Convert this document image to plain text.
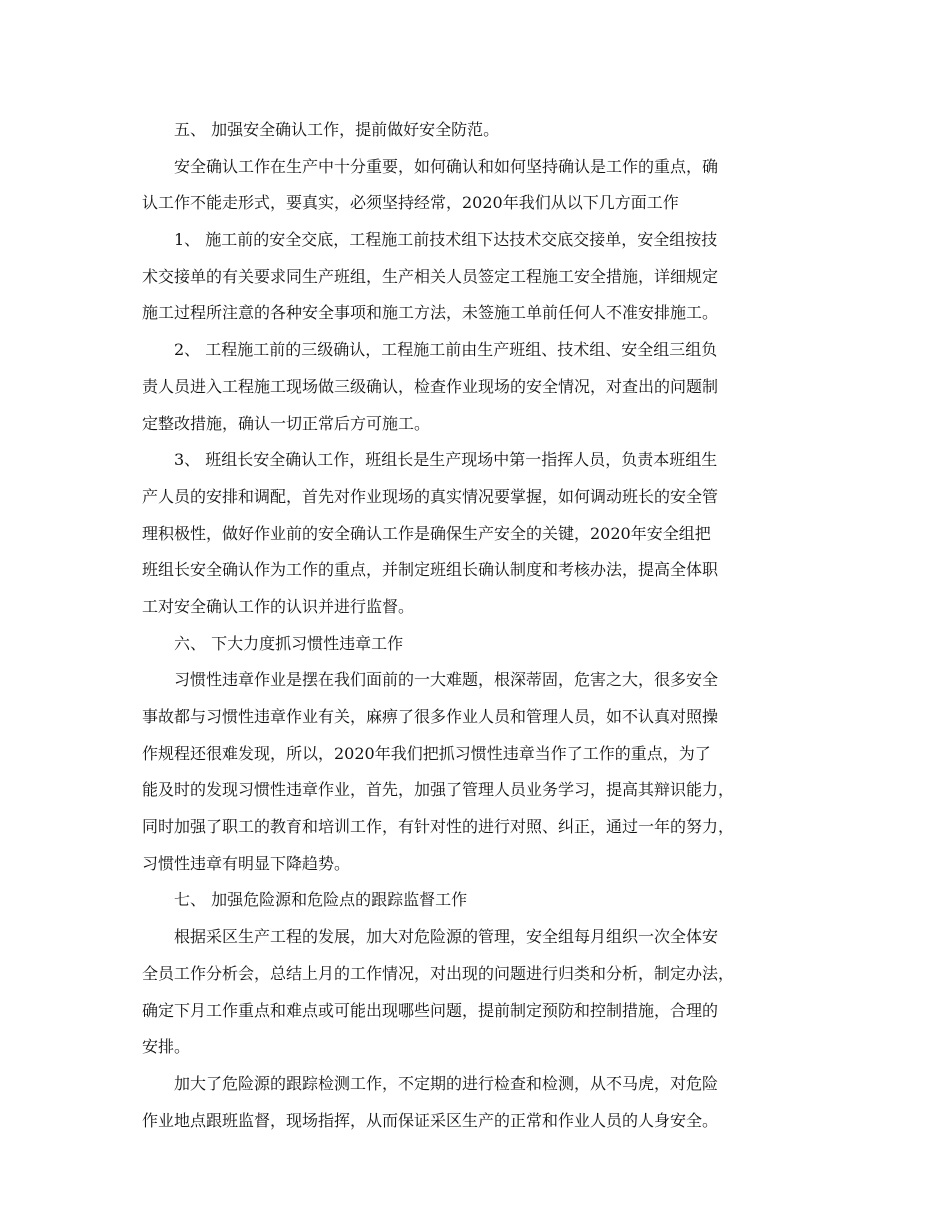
五、 加强安全确认工作，提前做好安全防范。
安全确认工作在生产中十分重要，如何确认和如何坚持确认是工作的重点，确
认工作不能走形式，要真实，必须坚持经常，2020年我们从以下几方面工作
1、 施工前的安全交底，工程施工前技术组下达技术交底交接单，安全组按技
术交接单的有关要求同生产班组，生产相关人员签定工程施工安全措施，详细规定
施工过程所注意的各种安全事项和施工方法，未签施工单前任何人不准安排施工。
2、 工程施工前的三级确认，工程施工前由生产班组、技术组、安全组三组负
责人员进入工程施工现场做三级确认，检查作业现场的安全情况，对查出的问题制
定整改措施，确认一切正常后方可施工。
3、 班组长安全确认工作，班组长是生产现场中第一指挥人员，负责本班组生
产人员的安排和调配，首先对作业现场的真实情况要掌握，如何调动班长的安全管
理积极性，做好作业前的安全确认工作是确保生产安全的关键，2020年安全组把
班组长安全确认作为工作的重点，并制定班组长确认制度和考核办法，提高全体职
工对安全确认工作的认识并进行监督。
六、 下大力度抓习惯性违章工作
习惯性违章作业是摆在我们面前的一大难题，根深蒂固，危害之大，很多安全
事故都与习惯性违章作业有关，麻痹了很多作业人员和管理人员，如不认真对照操
作规程还很难发现，所以，2020年我们把抓习惯性违章当作了工作的重点，为了
能及时的发现习惯性违章作业，首先，加强了管理人员业务学习，提高其辩识能力，
同时加强了职工的教育和培训工作，有针对性的进行对照、纠正，通过一年的努力，
习惯性违章有明显下降趋势。
七、 加强危险源和危险点的跟踪监督工作
根据采区生产工程的发展，加大对危险源的管理，安全组每月组织一次全体安
全员工作分析会，总结上月的工作情况，对出现的问题进行归类和分析，制定办法，
确定下月工作重点和难点或可能出现哪些问题，提前制定预防和控制措施，合理的
安排。
加大了危险源的跟踪检测工作，不定期的进行检查和检测，从不马虎，对危险
作业地点跟班监督，现场指挥，从而保证采区生产的正常和作业人员的人身安全。
